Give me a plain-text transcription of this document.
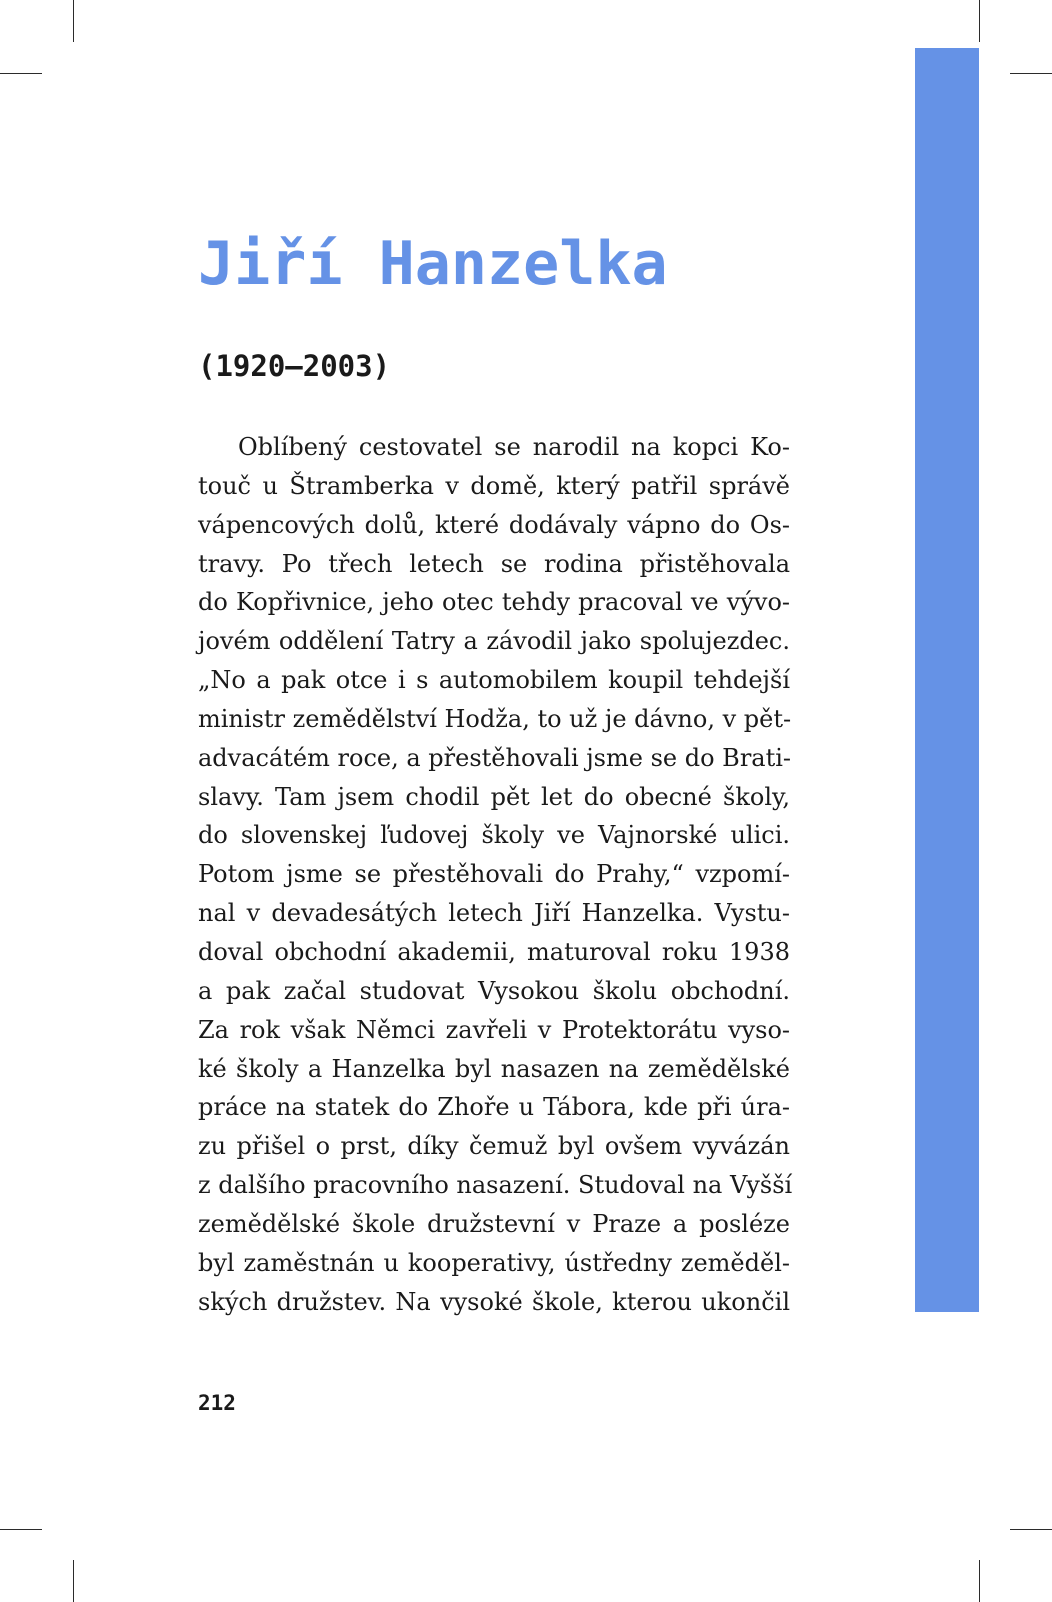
Jiří Hanzelka

(1920–2003)

Oblíbený cestovatel se narodil na kopci Ko-
touč u Štramberka v domě, který patřil správě
vápencových dolů, které dodávaly vápno do Os-
travy. Po třech letech se rodina přistěhovala
do Kopřivnice, jeho otec tehdy pracoval ve vývo-
jovém oddělení Tatry a závodil jako spolujezdec.
„No a pak otce i s automobilem koupil tehdejší
ministr zemědělství Hodža, to už je dávno, v pět-
advacátém roce, a přestěhovali jsme se do Brati-
slavy. Tam jsem chodil pět let do obecné školy,
do slovenskej ľudovej školy ve Vajnorské ulici.
Potom jsme se přestěhovali do Prahy,“ vzpomí-
nal v devadesátých letech Jiří Hanzelka. Vystu-
doval obchodní akademii, maturoval roku 1938
a pak začal studovat Vysokou školu obchodní.
Za rok však Němci zavřeli v Protektorátu vyso-
ké školy a Hanzelka byl nasazen na zemědělské
práce na statek do Zhoře u Tábora, kde při úra-
zu přišel o prst, díky čemuž byl ovšem vyvázán
z dalšího pracovního nasazení. Studoval na Vyšší
zemědělské škole družstevní v Praze a posléze
byl zaměstnán u kooperativy, ústředny zeměděl-
ských družstev. Na vysoké škole, kterou ukončil

212
